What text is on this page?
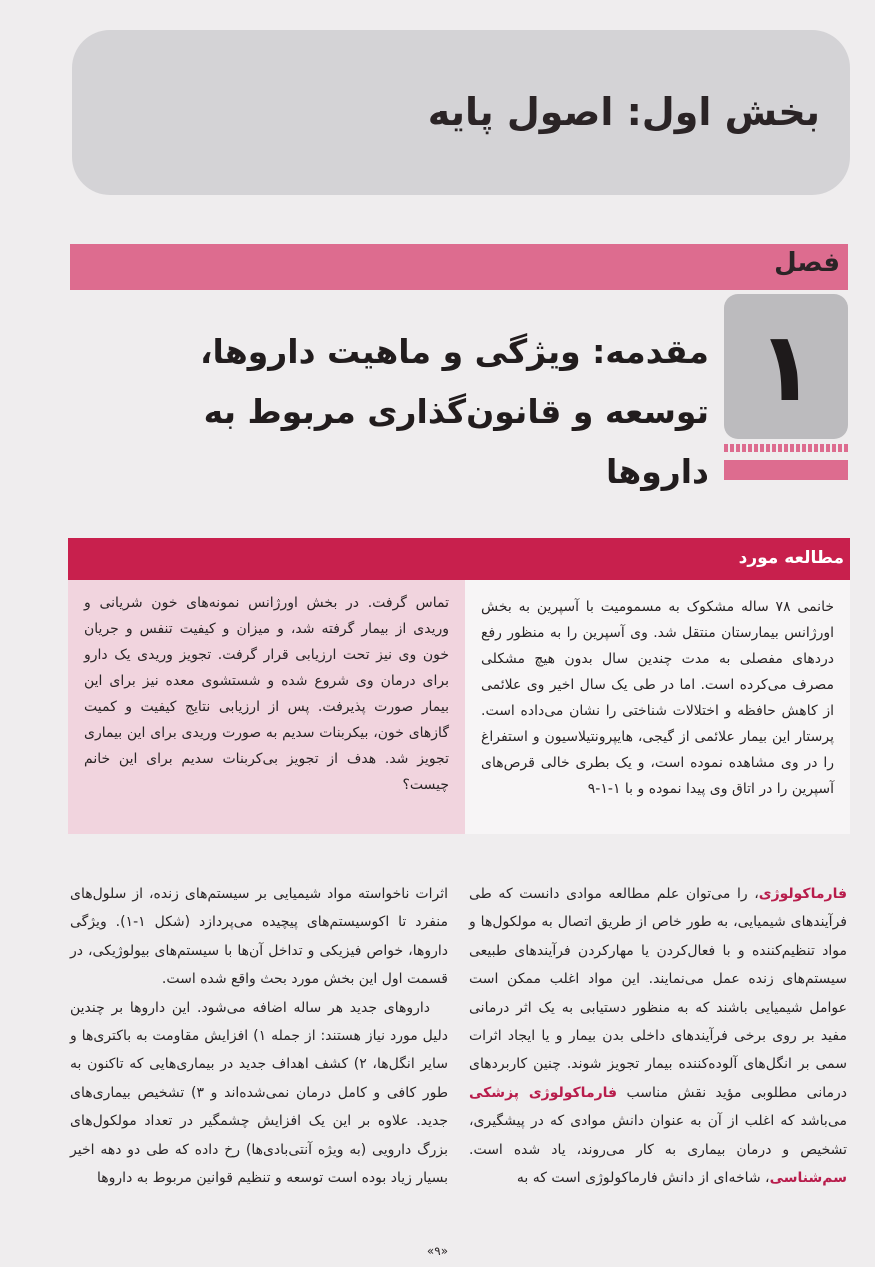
بخش اول: اصول پایه
فصل
۱
مقدمه: ویژگی و ماهیت داروها،
توسعه و قانون‌گذاری مربوط به داروها
مطالعه مورد
خانمی ۷۸ ساله مشکوک به مسمومیت با آسپرین به بخش اورژانس بیمارستان منتقل شد. وی آسپرین را به منظور رفع دردهای مفصلی به مدت چندین سال بدون هیچ مشکلی مصرف می‌کرده است. اما در طی یک سال اخیر وی علائمی از کاهش حافظه و اختلالات شناختی را نشان می‌داده است. پرستار این بیمار علائمی از گیجی، هایپرونتیلاسیون و استفراغ را در وی مشاهده نموده است، و یک بطری خالی قرص‌های آسپرین را در اتاق وی پیدا نموده و با ۱-۱-۹
تماس گرفت. در بخش اورژانس نمونه‌های خون شریانی و وریدی از بیمار گرفته شد، و میزان و کیفیت تنفس و جریان خون وی نیز تحت ارزیابی قرار گرفت. تجویز وریدی یک دارو برای درمان وی شروع شده و شستشوی معده نیز برای این بیمار صورت پذیرفت. پس از ارزیابی نتایج کیفیت و کمیت گازهای خون، بیکربنات سدیم به صورت وریدی برای این بیماری تجویز شد. هدف از تجویز بی‌کربنات سدیم برای این خانم چیست؟

فارماکولوژی، را می‌توان علم مطالعه موادی دانست که طی فرآیندهای شیمیایی، به طور خاص از طریق اتصال به مولکول‌ها و مواد تنظیم‌کننده و با فعال‌کردن یا مهارکردن فرآیندهای طبیعی سیستم‌های زنده عمل می‌نمایند. این مواد اغلب ممکن است عوامل شیمیایی باشند که به منظور دستیابی به یک اثر درمانی مفید بر روی برخی فرآیندهای داخلی بدن بیمار و یا ایجاد اثرات سمی بر انگل‌های آلوده‌کننده بیمار تجویز شوند. چنین کاربردهای درمانی مطلوبی مؤید نقش مناسب فارماکولوژی پزشکی می‌باشد که اغلب از آن به عنوان دانش موادی که در پیشگیری، تشخیص و درمان بیماری به کار می‌روند، یاد شده است. سم‌شناسی، شاخه‌ای از دانش فارماکولوژی است که به

اثرات ناخواسته مواد شیمیایی بر سیستم‌های زنده، از سلول‌های منفرد تا اکوسیستم‌های پیچیده می‌پردازد (شکل ۱-۱). ویژگی داروها، خواص فیزیکی و تداخل آن‌ها با سیستم‌های بیولوژیکی، در قسمت اول این بخش مورد بحث واقع شده است.

داروهای جدید هر ساله اضافه می‌شود. این داروها بر چندین دلیل مورد نیاز هستند: از جمله ۱) افزایش مقاومت به باکتری‌ها و سایر انگل‌ها، ۲) کشف اهداف جدید در بیماری‌هایی که تاکنون به طور کافی و کامل درمان نمی‌شده‌اند و ۳) تشخیص بیماری‌های جدید. علاوه بر این یک افزایش چشمگیر در تعداد مولکول‌های بزرگ دارویی (به ویژه آنتی‌بادی‌ها) رخ داده که طی دو دهه اخیر بسیار زیاد بوده است توسعه و تنظیم قوانین مربوط به داروها

«۹»
